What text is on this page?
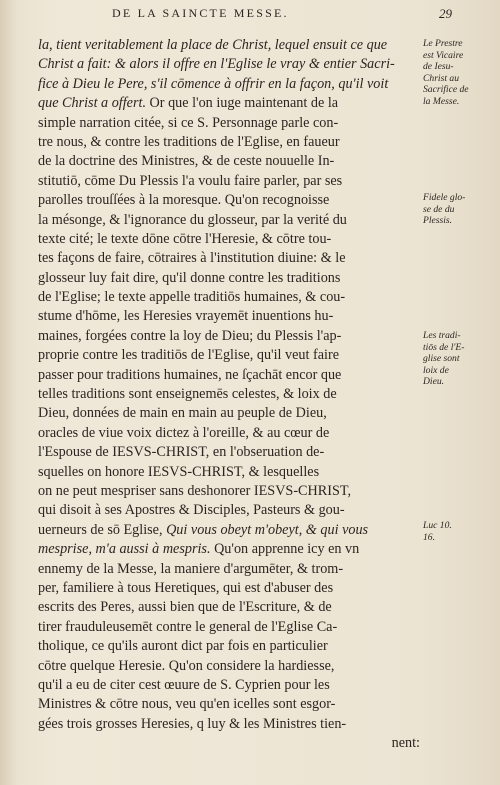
DE LA SAINCTE MESSE.	29
la, tient veritablement la place de Christ, lequel ensuit ce que
Christ a fait: & alors il offre en l'Eglise le vray & entier Sacri-
fice à Dieu le Pere, s'il cōmence à offrir en la façon, qu'il voit
que Christ a offert. Or que l'on iuge maintenant de la
simple narration citée, si ce S. Personnage parle con-
tre nous, & contre les traditions de l'Eglise, en faueur
de la doctrine des Ministres, & de ceste nouuelle In-
stitutiō, cōme Du Plessis l'a voulu faire parler, par ses
parolles trouſſées à la moresque. Qu'on recognoisse
la mésonge, & l'ignorance du glosseur, par la verité du
texte cité; le texte dōne cōtre l'Heresie, & cōtre tou-
tes façons de faire, cōtraires à l'institution diuine: & le
glosseur luy fait dire, qu'il donne contre les traditions
de l'Eglise; le texte appelle traditiōs humaines, & cou-
stume d'hōme, les Heresies vrayemēt inuentions hu-
maines, forgées contre la loy de Dieu; du Plessis l'ap-
proprie contre les traditiōs de l'Eglise, qu'il veut faire
passer pour traditions humaines, ne ſçachāt encor que
telles traditions sont enseignemēs celestes, & loix de
Dieu, données de main en main au peuple de Dieu,
oracles de viue voix dictez à l'oreille, & au cœur de
l'Espouse de IESVS-CHRIST, en l'obseruation de-
squelles on honore IESVS-CHRIST, & lesquelles
on ne peut mespriser sans deshonorer IESVS-CHRIST,
qui disoit à ses Apostres & Disciples, Pasteurs & gou-
uerneurs de sō Eglise, Qui vous obeyt m'obeyt, & qui vous
mesprise, m'a aussi à mespris. Qu'on apprenne icy en vn
ennemy de la Messe, la maniere d'argumēter, & trom-
per, familiere à tous Heretiques, qui est d'abuser des
escrits des Peres, aussi bien que de l'Escriture, & de
tirer frauduleusemēt contre le general de l'Eglise Ca-
tholique, ce qu'ils auront dict par fois en particulier
cōtre quelque Heresie. Qu'on considere la hardiesse,
qu'il a eu de citer cest œuure de S. Cyprien pour les
Ministres & cōtre nous, veu qu'en icelles sont esgor-
gées trois grosses Heresies, q luy & les Ministres tien-
nent:
Le Prestre
est Vicaire
de Iesu-
Christ au
Sacrifice de
la Messe.
Fidele glo-
se de du
Plessis.
Les tradi-
tiōs de l'E-
glise sont
loix de
Dieu.
Luc 10.
16.
